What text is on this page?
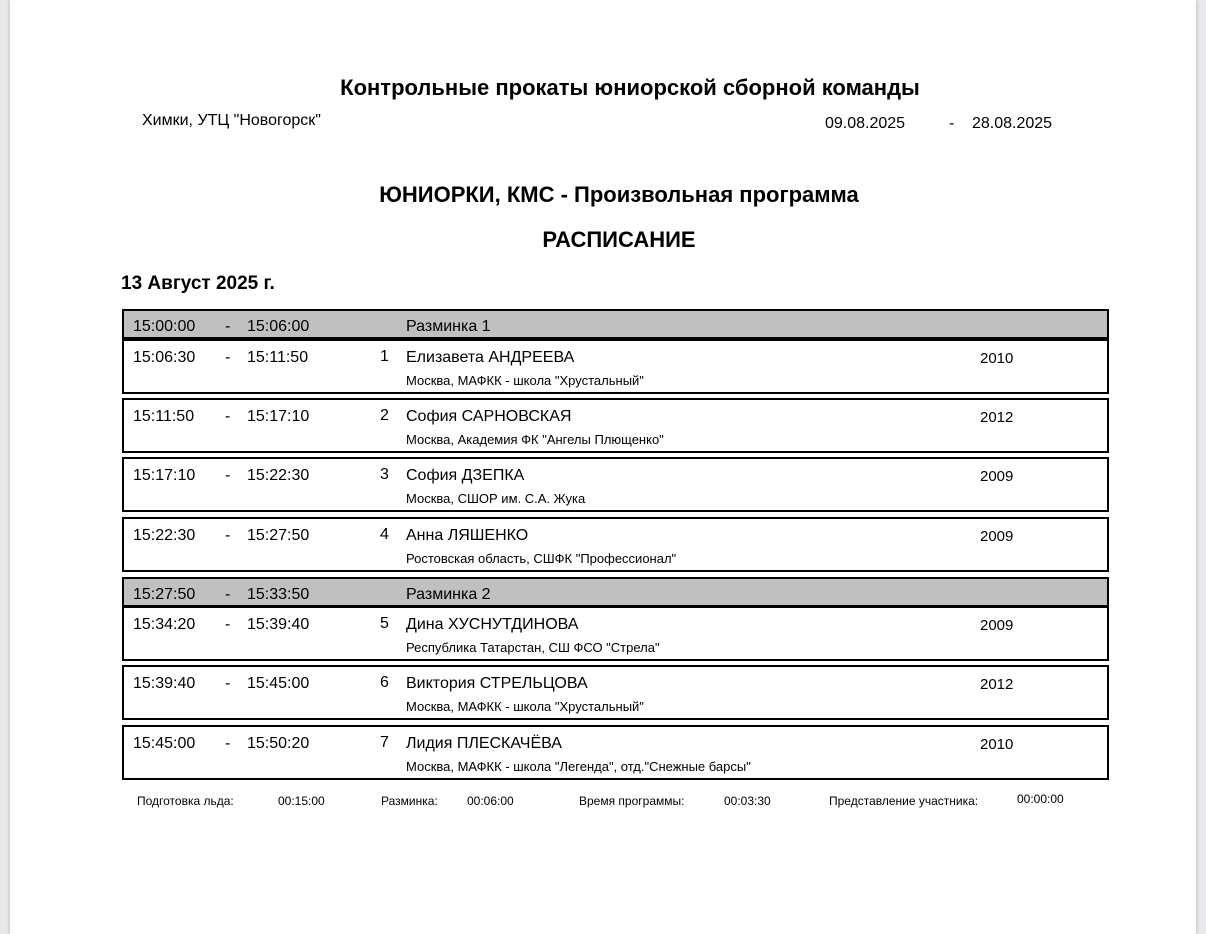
Контрольные прокаты юниорской сборной команды
Химки, УТЦ "Новогорск"	09.08.2025	- 28.08.2025
ЮНИОРКИ, КМС - Произвольная программа
РАСПИСАНИЕ
13 Август 2025 г.
15:00:00 - 15:06:00	Разминка 1
15:06:30 - 15:11:50	1 Елизавета АНДРЕЕВА
Москва, МАФКК - школа "Хрустальный"
2010
15:11:50 - 15:17:10	2 София САРНОВСКАЯ
Москва, Академия ФК "Ангелы Плющенко"
2012
15:17:10 - 15:22:30	3 София ДЗЕПКА
Москва, СШОР им. С.А. Жука
2009
15:22:30 - 15:27:50	4 Анна ЛЯШЕНКО
Ростовская область, СШФК "Профессионал"
2009
15:27:50 - 15:33:50	Разминка 2
15:34:20 - 15:39:40	5 Дина ХУСНУТДИНОВА
Республика Татарстан, СШ ФСО "Стрела"
2009
15:39:40 - 15:45:00	6 Виктория СТРЕЛЬЦОВА
Москва, МАФКК - школа "Хрустальный"
2012
15:45:00 - 15:50:20	7 Лидия ПЛЕСКАЧЁВА
Москва, МАФКК - школа "Легенда", отд."Снежные барсы"
2010
Подготовка льда:	00:15:00	Разминка: 00:06:00	Время программы:	00:03:30	Представление участника:	00:00:00
